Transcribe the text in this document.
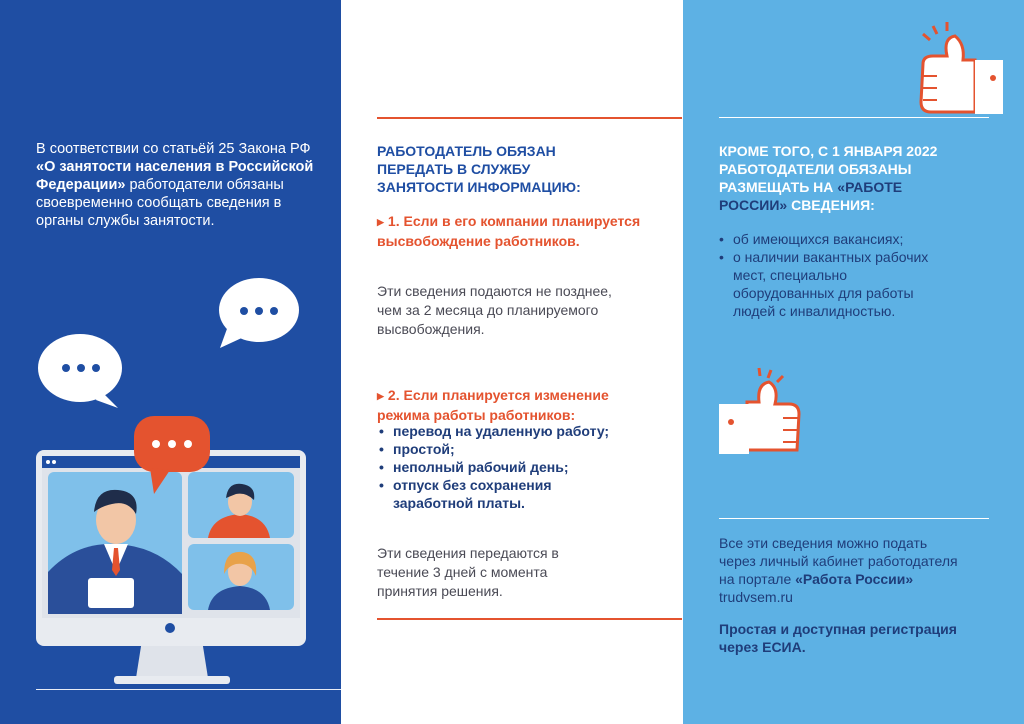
В соответствии со статьёй 25 Закона РФ «О занятости населения в Российской Федерации» работодатели обязаны своевременно сообщать сведения в органы службы занятости.

РАБОТОДАТЕЛЬ ОБЯЗАН ПЕРЕДАТЬ В СЛУЖБУ ЗАНЯТОСТИ ИНФОРМАЦИЮ:

▶ 1. Если в его компании планируется высвобождение работников.

Эти сведения подаются не позднее, чем за 2 месяца до планируемого высвобождения.

▶ 2. Если планируется изменение режима работы работников:

• перевод на удаленную работу;
• простой;
• неполный рабочий день;
• отпуск без сохранения заработной платы.

Эти сведения передаются в течение 3 дней с момента принятия решения.

КРОМЕ ТОГО, С 1 ЯНВАРЯ 2022 РАБОТОДАТЕЛИ ОБЯЗАНЫ РАЗМЕЩАТЬ НА «РАБОТЕ РОССИИ» СВЕДЕНИЯ:

• об имеющихся вакансиях;
• о наличии вакантных рабочих мест, специально оборудованных для работы людей с инвалидностью.

Все эти сведения можно подать через личный кабинет работодателя на портале «Работа России» trudvsem.ru

Простая и доступная регистрация через ЕСИА.
